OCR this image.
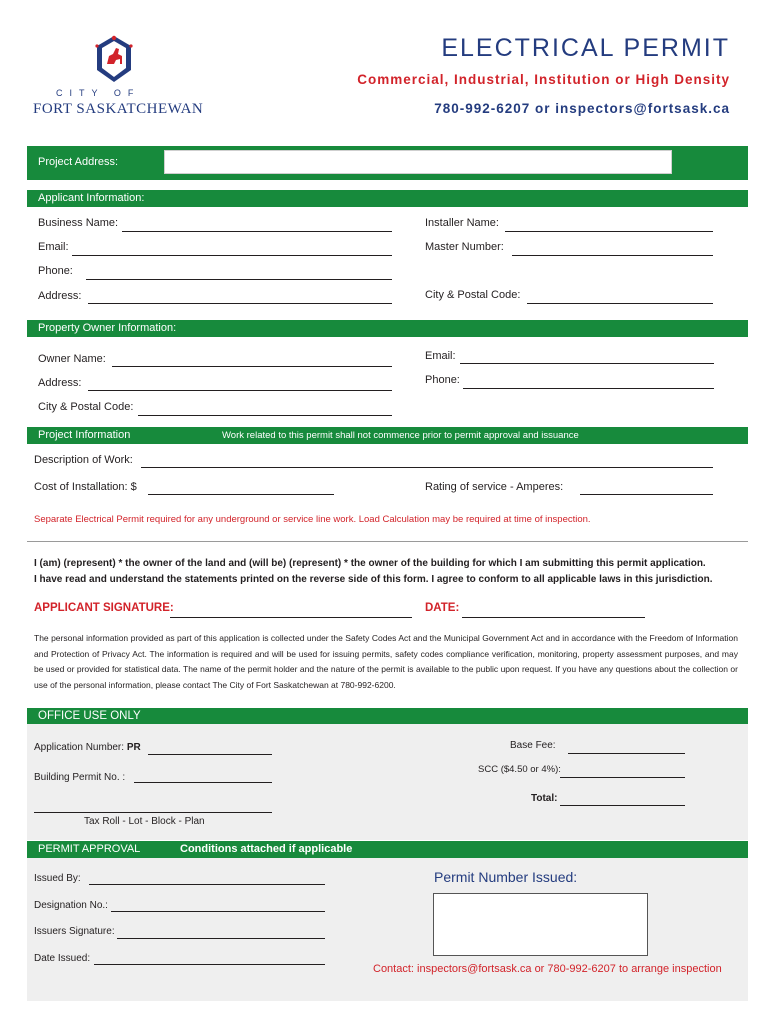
CITY OF
FORT SASKATCHEWAN
ELECTRICAL PERMIT
Commercial, Industrial, Institution or High Density
780-992-6207 or inspectors@fortsask.ca
Project Address:
Applicant Information:
Business Name:	Installer Name:
Email:	Master Number:
Phone:
Address:	City & Postal Code:
Property Owner Information:
Owner Name:	Email:
Address:	Phone:
City & Postal Code:
Project Information	Work related to this permit shall not commence prior to permit approval and issuance
Description of Work:
Cost of Installation: $	Rating of service - Amperes:
Separate Electrical Permit required for any underground or service line work. Load Calculation may be required at time of inspection.
I (am) (represent) * the owner of the land and (will be) (represent) * the owner of the building for which I am submitting this permit application.
I have read and understand the statements printed on the reverse side of this form. I agree to conform to all applicable laws in this jurisdiction.
APPLICANT SIGNATURE:	DATE:
The personal information provided as part of this application is collected under the Safety Codes Act and the Municipal Government Act and in accordance with the Freedom of Information and Protection of Privacy Act. The information is required and will be used for issuing permits, safety codes compliance verification, monitoring, property assessment purposes, and may be used or provided for statistical data. The name of the permit holder and the nature of the permit is available to the public upon request. If you have any questions about the collection or use of the personal information, please contact The City of Fort Saskatchewan at 780-992-6200.
OFFICE USE ONLY
Application Number: PR	Base Fee:
Building Permit No. :
SCC ($4.50 or 4%):
Total:
Tax Roll - Lot - Block - Plan
PERMIT APPROVAL	Conditions attached if applicable
Issued By:
Designation No.:
Issuers Signature:
Date Issued:
Permit Number Issued:
Contact: inspectors@fortsask.ca or 780-992-6207 to arrange inspection
